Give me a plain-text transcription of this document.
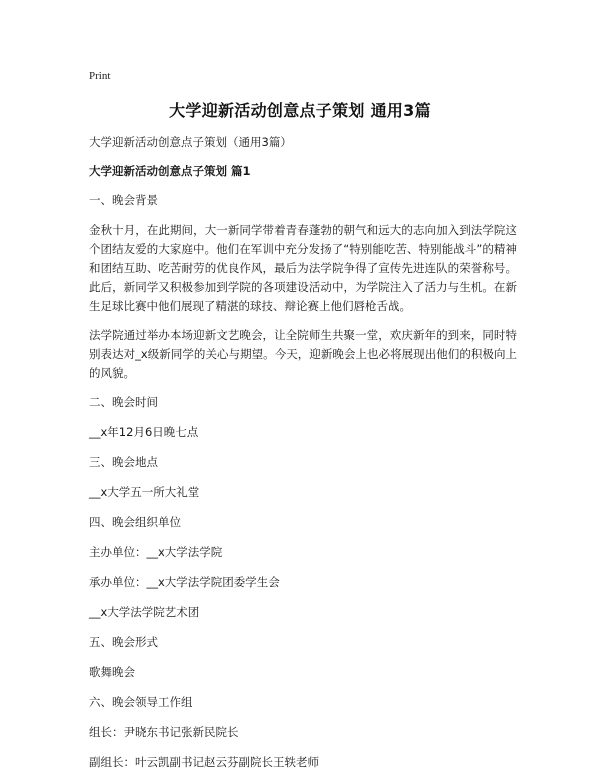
Print
大学迎新活动创意点子策划 通用3篇

大学迎新活动创意点子策划（通用3篇）

大学迎新活动创意点子策划 篇1

一、晚会背景

金秋十月，在此期间，大一新同学带着青春蓬勃的朝气和远大的志向加入到法学院这个团结友爱的大家庭中。他们在军训中充分发扬了“特别能吃苦、特别能战斗”的精神和团结互助、吃苦耐劳的优良作风，最后为法学院争得了宣传先进连队的荣誉称号。此后，新同学又积极参加到学院的各项建设活动中，为学院注入了活力与生机。在新生足球比赛中他们展现了精湛的球技、辩论赛上他们唇枪舌战。

法学院通过举办本场迎新文艺晚会，让全院师生共聚一堂，欢庆新年的到来，同时特别表达对_x级新同学的关心与期望。今天，迎新晚会上也必将展现出他们的积极向上的风貌。

二、晚会时间

__x年12月6日晚七点

三、晚会地点

__x大学五一所大礼堂

四、晚会组织单位

主办单位：__x大学法学院

承办单位：__x大学法学院团委学生会

__x大学法学院艺术团

五、晚会形式

歌舞晚会

六、晚会领导工作组

组长：尹晓东书记张新民院长

副组长：叶云凯副书记赵云芬副院长王轶老师
